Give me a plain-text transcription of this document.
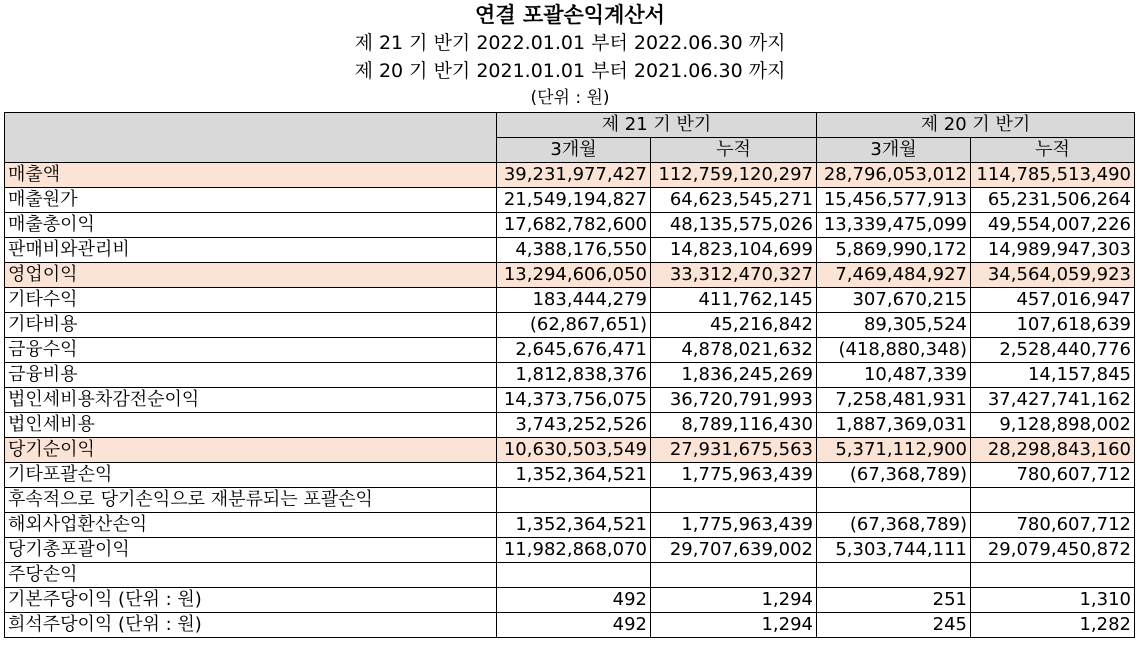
연결 포괄손익계산서
제 21 기 반기 2022.01.01 부터 2022.06.30 까지
제 20 기 반기 2021.01.01 부터 2021.06.30 까지
(단위 : 원)
	제 21 기 반기		제 20 기 반기	
	3개월	누적	3개월	누적
매출액	39,231,977,427	112,759,120,297	28,796,053,012	114,785,513,490
매출원가	21,549,194,827	64,623,545,271	15,456,577,913	65,231,506,264
매출총이익	17,682,782,600	48,135,575,026	13,339,475,099	49,554,007,226
판매비와관리비	4,388,176,550	14,823,104,699	5,869,990,172	14,989,947,303
영업이익	13,294,606,050	33,312,470,327	7,469,484,927	34,564,059,923
기타수익	183,444,279	411,762,145	307,670,215	457,016,947
기타비용	(62,867,651)	45,216,842	89,305,524	107,618,639
금융수익	2,645,676,471	4,878,021,632	(418,880,348)	2,528,440,776
금융비용	1,812,838,376	1,836,245,269	10,487,339	14,157,845
법인세비용차감전순이익	14,373,756,075	36,720,791,993	7,258,481,931	37,427,741,162
법인세비용	3,743,252,526	8,789,116,430	1,887,369,031	9,128,898,002
당기순이익	10,630,503,549	27,931,675,563	5,371,112,900	28,298,843,160
기타포괄손익	1,352,364,521	1,775,963,439	(67,368,789)	780,607,712
후속적으로 당기손익으로 재분류되는 포괄손익				
해외사업환산손익	1,352,364,521	1,775,963,439	(67,368,789)	780,607,712
당기총포괄이익	11,982,868,070	29,707,639,002	5,303,744,111	29,079,450,872
주당손익				
기본주당이익 (단위 : 원)	492	1,294	251	1,310
희석주당이익 (단위 : 원)	492	1,294	245	1,282
